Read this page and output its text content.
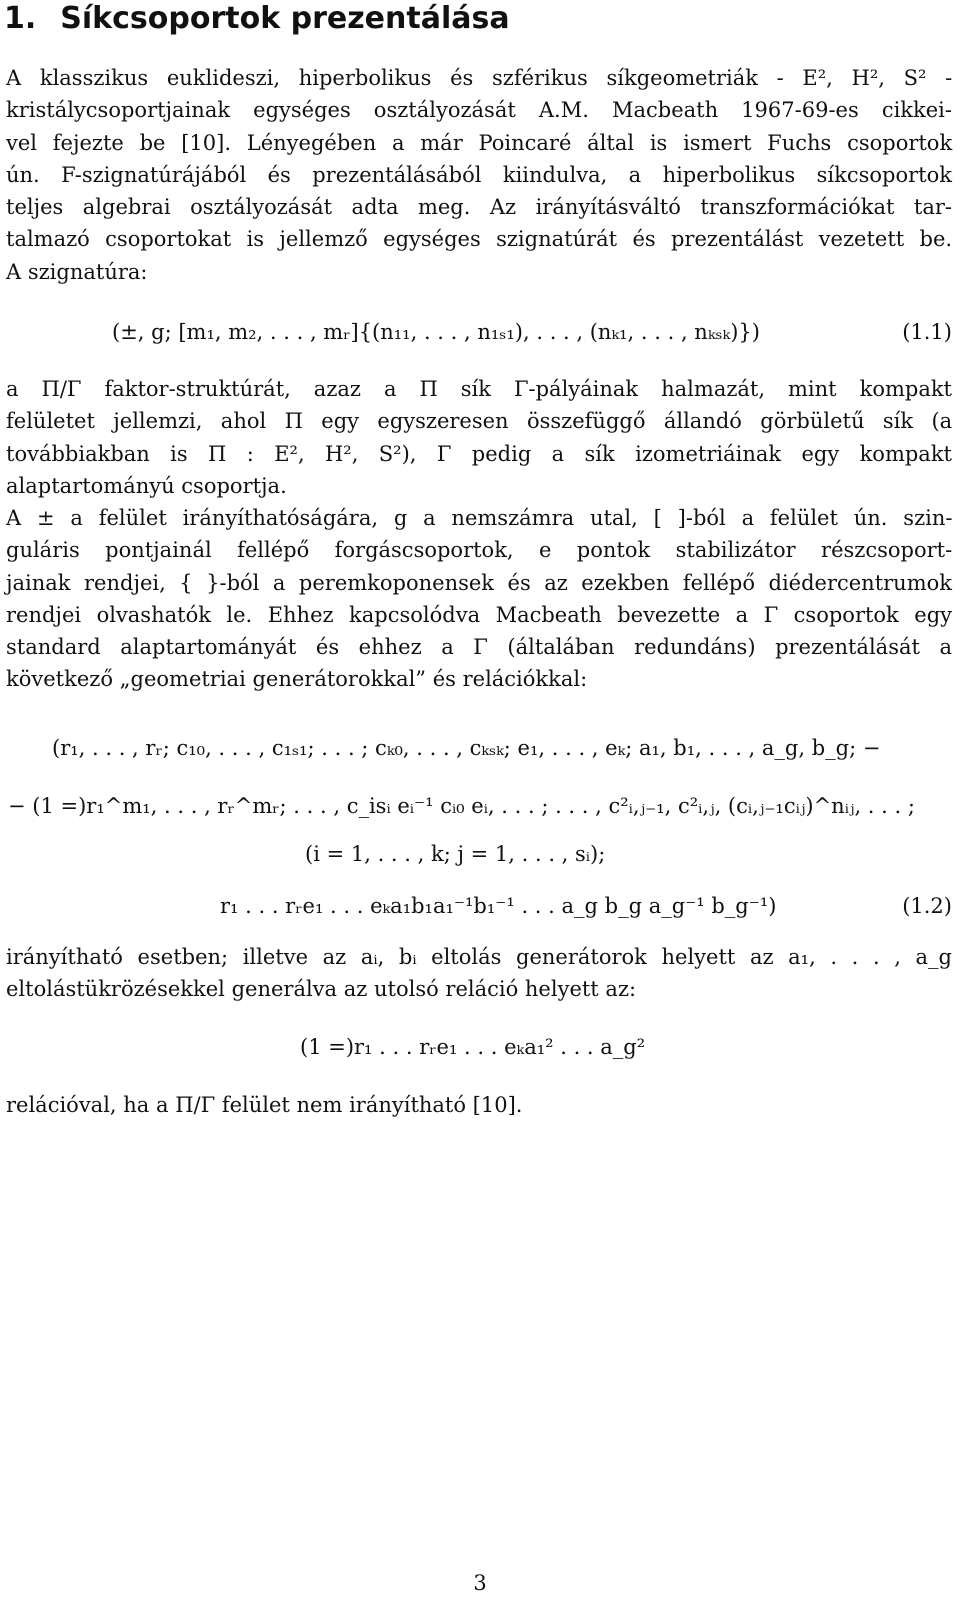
1. Síkcsoportok prezentálása
A klasszikus euklideszi, hiperbolikus és szférikus síkgeometriák - E², H², S² -
kristálycsoportjainak egységes osztályozását A.M. Macbeath 1967-69-es cikkei-
vel fejezte be [10]. Lényegében a már Poincaré által is ismert Fuchs csoportok
ún. F-szignatúrájából és prezentálásából kiindulva, a hiperbolikus síkcsoportok
teljes algebrai osztályozását adta meg. Az irányításváltó transzformációkat tar-
talmazó csoportokat is jellemző egységes szignatúrát és prezentálást vezetett be.
A szignatúra:
(±, g; [m₁, m₂, . . . , mᵣ]{(n₁₁, . . . , n₁ₛ₁), . . . , (nₖ₁, . . . , nₖₛₖ)})	(1.1)
a Π/Γ faktor-struktúrát, azaz a Π sík Γ-pályáinak halmazát, mint kompakt
felületet jellemzi, ahol Π egy egyszeresen összefüggő állandó görbületű sík (a
továbbiakban is Π : E², H², S²), Γ pedig a sík izometriáinak egy kompakt
alaptartományú csoportja.
A ± a felület irányíthatóságára, g a nemszámra utal, [ ]-ból a felület ún. szin-
guláris pontjainál fellépő forgáscsoportok, e pontok stabilizátor részcsoport-
jainak rendjei, { }-ból a peremkoponensek és az ezekben fellépő diédercentrumok
rendjei olvashatók le. Ehhez kapcsolódva Macbeath bevezette a Γ csoportok egy
standard alaptartományát és ehhez a Γ (általában redundáns) prezentálását a
következő „geometriai generátorokkal” és relációkkal:
(r₁, . . . , rᵣ; c₁₀, . . . , c₁ₛ₁; . . . ; cₖ₀, . . . , cₖₛₖ; e₁, . . . , eₖ; a₁, b₁, . . . , a_g, b_g; −
− (1 =)r₁^m₁, . . . , rᵣ^mᵣ; . . . , c_isᵢ eᵢ⁻¹ cᵢ₀ eᵢ, . . . ; . . . , c²ᵢ,ⱼ₋₁, c²ᵢ,ⱼ, (cᵢ,ⱼ₋₁cᵢⱼ)^nᵢⱼ, . . . ;
(i = 1, . . . , k; j = 1, . . . , sᵢ);
r₁ . . . rᵣe₁ . . . eₖa₁b₁a₁⁻¹b₁⁻¹ . . . a_g b_g a_g⁻¹ b_g⁻¹)	(1.2)
irányítható esetben; illetve az aᵢ, bᵢ eltolás generátorok helyett az a₁, . . . , a_g
eltolástükrözésekkel generálva az utolsó reláció helyett az:
(1 =)r₁ . . . rᵣe₁ . . . eₖa₁² . . . a_g²
relációval, ha a Π/Γ felület nem irányítható [10].
3
